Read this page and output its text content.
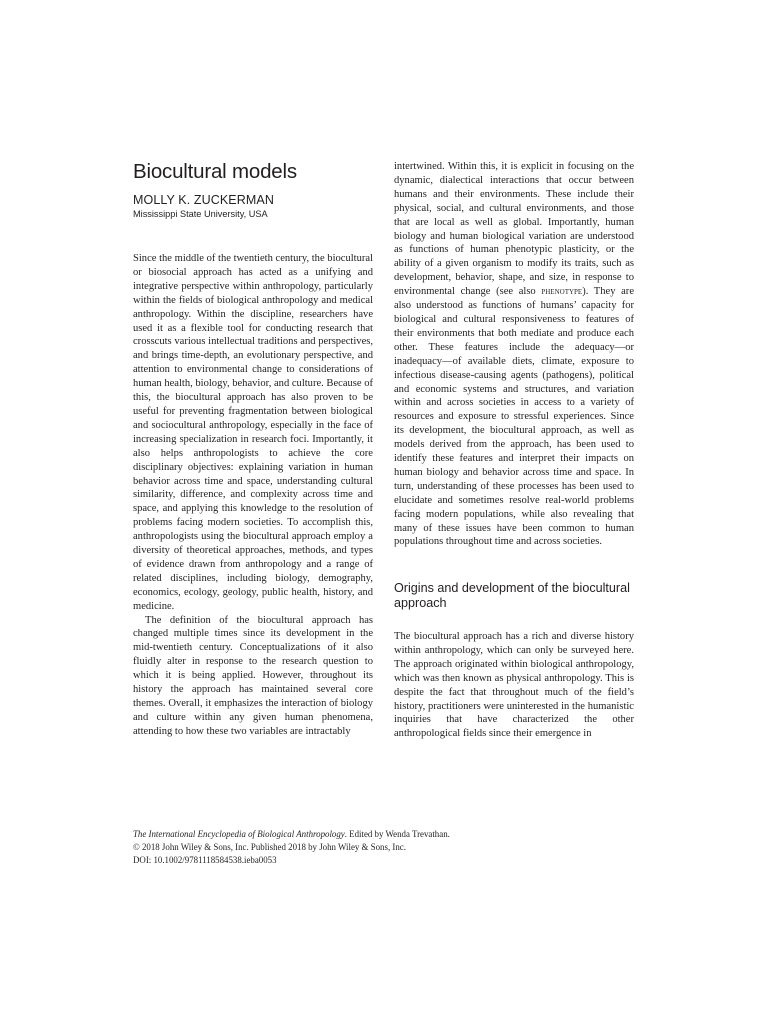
Biocultural models
MOLLY K. ZUCKERMAN
Mississippi State University, USA

Since the middle of the twentieth century, the biocultural or biosocial approach has acted as a unifying and integrative perspective within anthropology, particularly within the fields of biological anthropology and medical anthropology. Within the discipline, researchers have used it as a flexible tool for conducting research that crosscuts various intellectual traditions and perspectives, and brings time-depth, an evolutionary perspective, and attention to environmental change to considerations of human health, biology, behavior, and culture. Because of this, the biocultural approach has also proven to be useful for preventing fragmentation between biological and sociocultural anthropology, especially in the face of increasing specialization in research foci. Importantly, it also helps anthropologists to achieve the core disciplinary objectives: explaining variation in human behavior across time and space, understanding cultural similarity, difference, and complexity across time and space, and applying this knowledge to the resolution of problems facing modern societies. To accomplish this, anthropologists using the biocultural approach employ a diversity of theoretical approaches, methods, and types of evidence drawn from anthropology and a range of related disciplines, including biology, demography, economics, ecology, geology, public health, history, and medicine.

The definition of the biocultural approach has changed multiple times since its development in the mid-twentieth century. Conceptualizations of it also fluidly alter in response to the research question to which it is being applied. However, throughout its history the approach has maintained several core themes. Overall, it emphasizes the interaction of biology and culture within any given human phenomena, attending to how these two variables are intractably

intertwined. Within this, it is explicit in focusing on the dynamic, dialectical interactions that occur between humans and their environments. These include their physical, social, and cultural environments, and those that are local as well as global. Importantly, human biology and human biological variation are understood as functions of human phenotypic plasticity, or the ability of a given organism to modify its traits, such as development, behavior, shape, and size, in response to environmental change (see also phenotype). They are also understood as functions of humans’ capacity for biological and cultural responsiveness to features of their environments that both mediate and produce each other. These features include the adequacy—or inadequacy—of available diets, climate, exposure to infectious disease-causing agents (pathogens), political and economic systems and structures, and variation within and across societies in access to a variety of resources and exposure to stressful experiences. Since its development, the biocultural approach, as well as models derived from the approach, has been used to identify these features and interpret their impacts on human biology and behavior across time and space. In turn, understanding of these processes has been used to elucidate and sometimes resolve real-world problems facing modern populations, while also revealing that many of these issues have been common to human populations throughout time and across societies.

Origins and development of the biocultural approach

The biocultural approach has a rich and diverse history within anthropology, which can only be surveyed here. The approach originated within biological anthropology, which was then known as physical anthropology. This is despite the fact that throughout much of the field’s history, practitioners were uninterested in the humanistic inquiries that have characterized the other anthropological fields since their emergence in

The International Encyclopedia of Biological Anthropology. Edited by Wenda Trevathan.
© 2018 John Wiley & Sons, Inc. Published 2018 by John Wiley & Sons, Inc.
DOI: 10.1002/9781118584538.ieba0053
